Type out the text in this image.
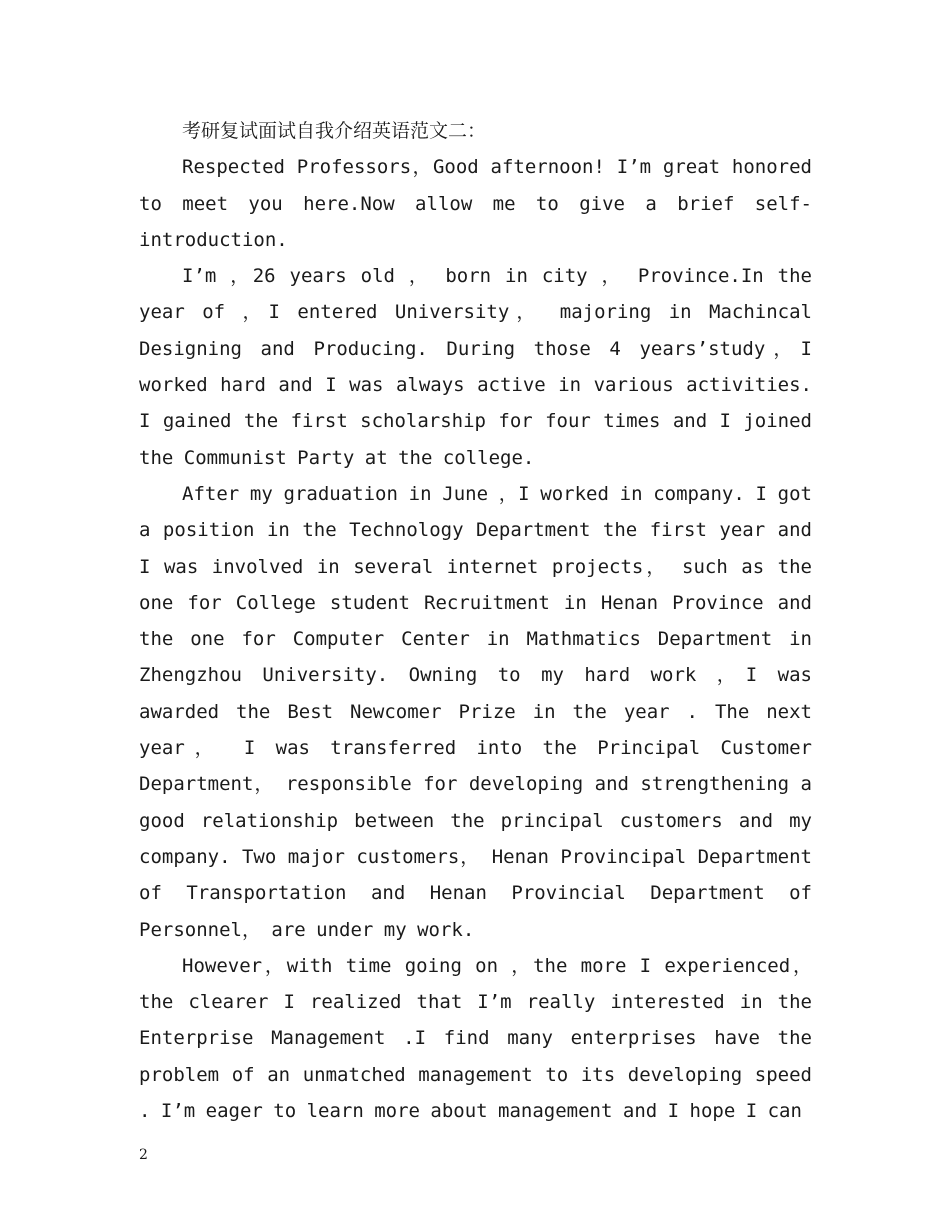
考研复试面试自我介绍英语范文二：

Respected Professors，Good afternoon! I’m great honored to meet you here.Now allow me to give a brief self-introduction.

I’m ，26 years old ， born in city ， Province.In the year of ，I entered University， majoring in Machincal Designing and Producing. During those 4 years’study，I worked hard and I was always active in various activities. I gained the first scholarship for four times and I joined the Communist Party at the college.

After my graduation in June ，I worked in company. I got a position in the Technology Department the first year and I was involved in several internet projects， such as the one for College student Recruitment in Henan Province and the one for Computer Center in Mathmatics Department in Zhengzhou University. Owning to my hard work ，I was awarded the Best Newcomer Prize in the year . The next year， I was transferred into the Principal Customer Department， responsible for developing and strengthening a good relationship between the principal customers and my company. Two major customers， Henan Provincipal Department of Transportation and Henan Provincial Department of Personnel， are under my work.

However，with time going on ，the more I experienced， the clearer I realized that I’m really interested in the Enterprise Management .I find many enterprises have the problem of an unmatched management to its developing speed . I’m eager to learn more about management and I hope I can

2
